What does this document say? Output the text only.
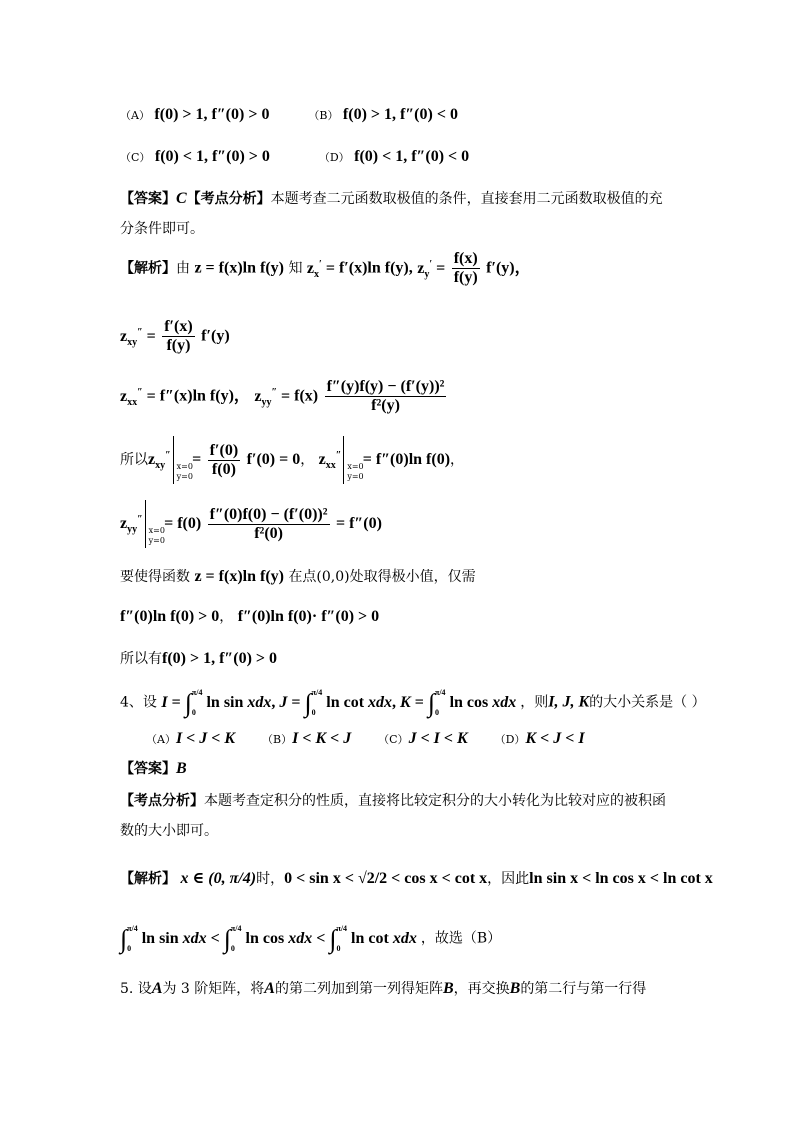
（A） f(0) > 1, f″(0) > 0	（B） f(0) > 1, f″(0) < 0
（C） f(0) < 1, f″(0) > 0	（D） f(0) < 1, f″(0) < 0
【答案】C【考点分析】本题考查二元函数取极值的条件，直接套用二元函数取极值的充
分条件即可。
【解析】由 z = f(x)ln f(y) 知 $z_x' = f'(x)\ln$ f(y), $z_y' = \frac{f(x)}{f(y)} f'(y)$，
$z_{xy}'' = \frac{f'(x)}{f(y)} f'(y)$
$z_{xx}'' = f''(x)\ln$ f(y)， $z_{yy}'' = f(x) \frac{\text{f″(y)f(y) − (f′(y))²}}{\text{f²(y)}}$
所以$z_{xy}''$
x=0
y=0
= $\frac{f'(0)}{f(0)} f'(0) = 0$， $z_{xx}''$
x=0
y=0
= f″(0)ln f(0)，
$z_{yy}''$
x=0
y=0
= $f(0) \frac{\text{f″(0)f(0) − (f′(0))²}}{\text{f²(0)}} = f''(0)$
要使得函数 z = f(x)ln f(y) 在点(0,0)处取得极小值，仅需
f″(0)ln f(0) > 0， f″(0)ln f(0)· f″(0) > 0
所以有f(0) > 1, f″(0) > 0
4、设 I = ∫π/4

0 ln sin xdx, J = ∫π/4

0 ln cot xdx, K = ∫π/4

0 ln cos xdx ，则I, J, K的大小关系是（ ）
（A）I < J < K （B）I < K < J （C）J < I < K （D）K < J < I
【答案】B
【考点分析】本题考查定积分的性质，直接将比较定积分的大小转化为比较对应的被积函
数的大小即可。
【解析】 x ∈ (0, π/4)时，0 < sin x < √2/2 < cos x < cot x，因此ln sin x < ln cos x < ln cot x
∫π/4

0 ln sin xdx < ∫π/4

0 ln cos xdx < ∫π/4

0 ln cot xdx ，故选（B）
5. 设A为 3 阶矩阵，将A的第二列加到第一列得矩阵B，再交换B的第二行与第一行得
